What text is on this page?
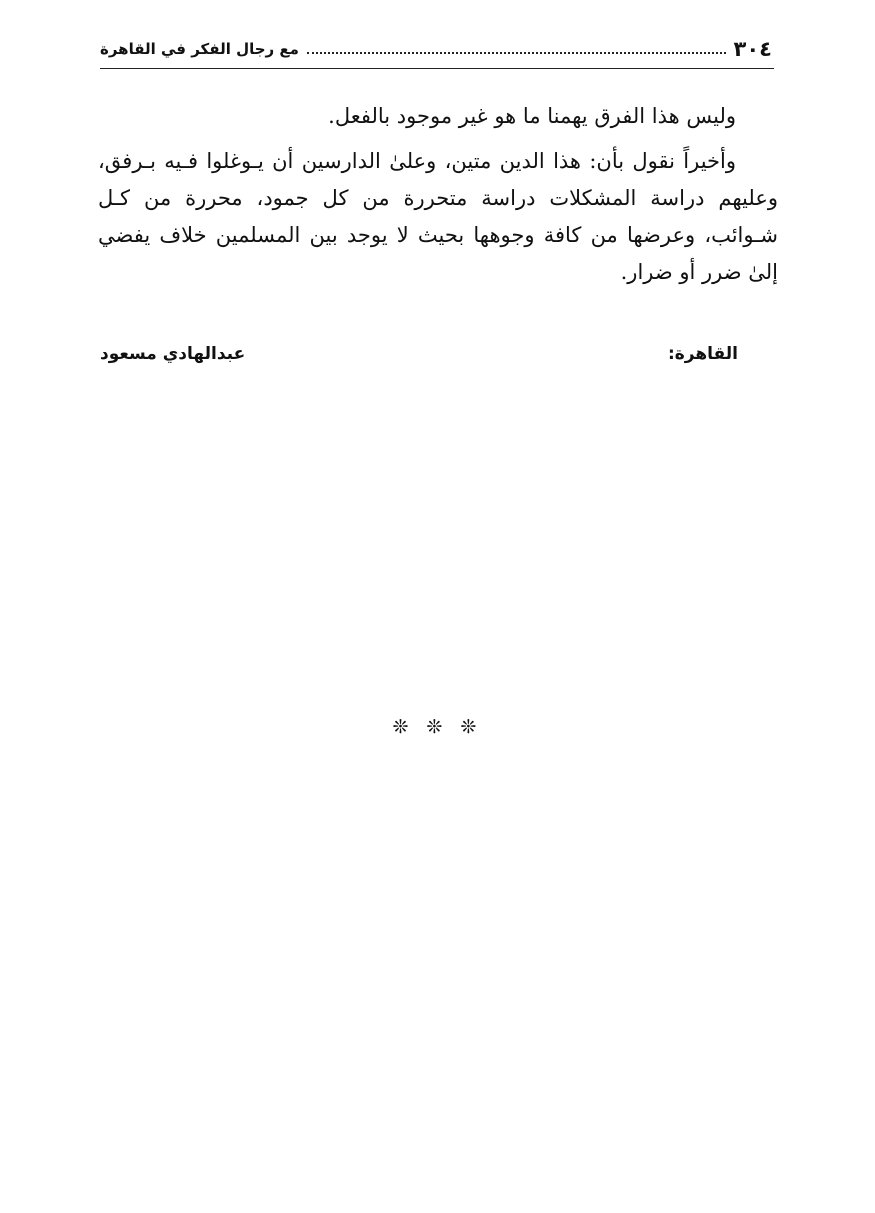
٣٠٤
مع رجال الفكر في القاهرة

وليس هذا الفرق يهمنا ما هو غير موجود بالفعل.

وأخيراً نقول بأن: هذا الدين متين، وعلىٰ الدارسين أن يـوغلوا فـيه بـرفق، وعليهم دراسة المشكلات دراسة متحررة من كل جمود، محررة من كـل شـوائب، وعرضها من كافة وجوهها بحيث لا يوجد بين المسلمين خلاف يفضي إلىٰ ضرر أو ضرار.

القاهرة:
عبدالهادي مسعود
❊ ❊ ❊
